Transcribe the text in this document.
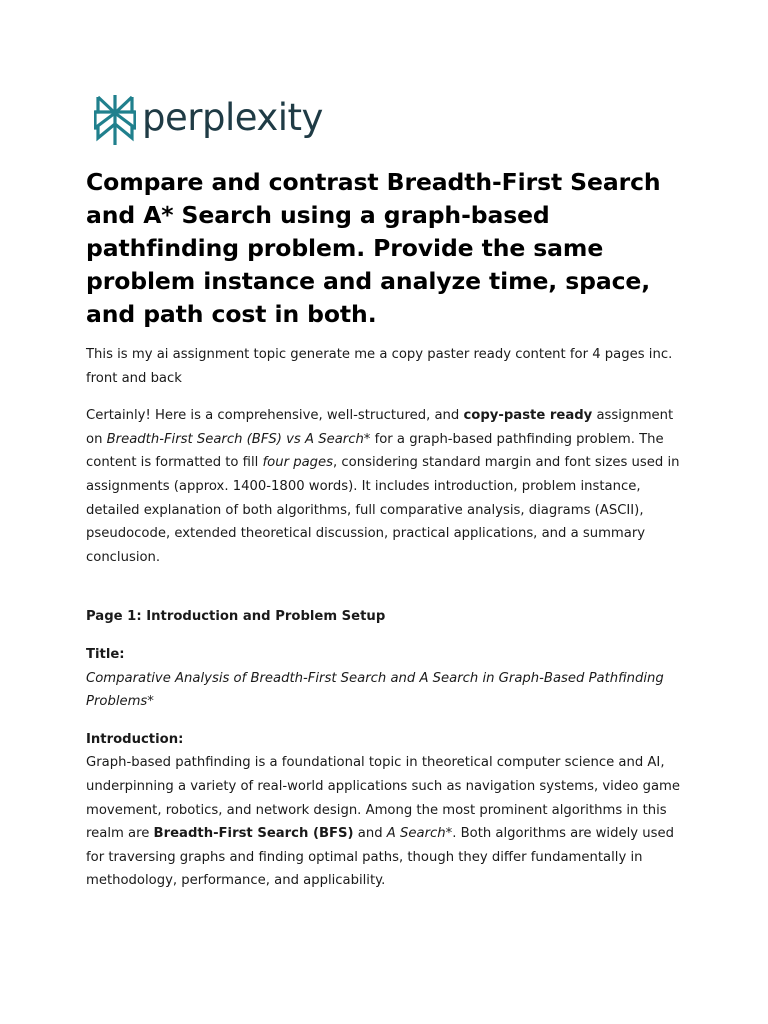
perplexity
Compare and contrast Breadth-First Search and A* Search using a graph-based pathfinding problem. Provide the same problem instance and analyze time, space, and path cost in both.

This is my ai assignment topic generate me a copy paster ready content for 4 pages inc. front and back

Certainly! Here is a comprehensive, well-structured, and copy-paste ready assignment on Breadth-First Search (BFS) vs A Search* for a graph-based pathfinding problem. The content is formatted to fill four pages, considering standard margin and font sizes used in assignments (approx. 1400-1800 words). It includes introduction, problem instance, detailed explanation of both algorithms, full comparative analysis, diagrams (ASCII), pseudocode, extended theoretical discussion, practical applications, and a summary conclusion.

Page 1: Introduction and Problem Setup

Title:

Comparative Analysis of Breadth-First Search and A Search in Graph-Based Pathfinding Problems*

Introduction:

Graph-based pathfinding is a foundational topic in theoretical computer science and AI, underpinning a variety of real-world applications such as navigation systems, video game movement, robotics, and network design. Among the most prominent algorithms in this realm are Breadth-First Search (BFS) and A Search*. Both algorithms are widely used for traversing graphs and finding optimal paths, though they differ fundamentally in methodology, performance, and applicability.
